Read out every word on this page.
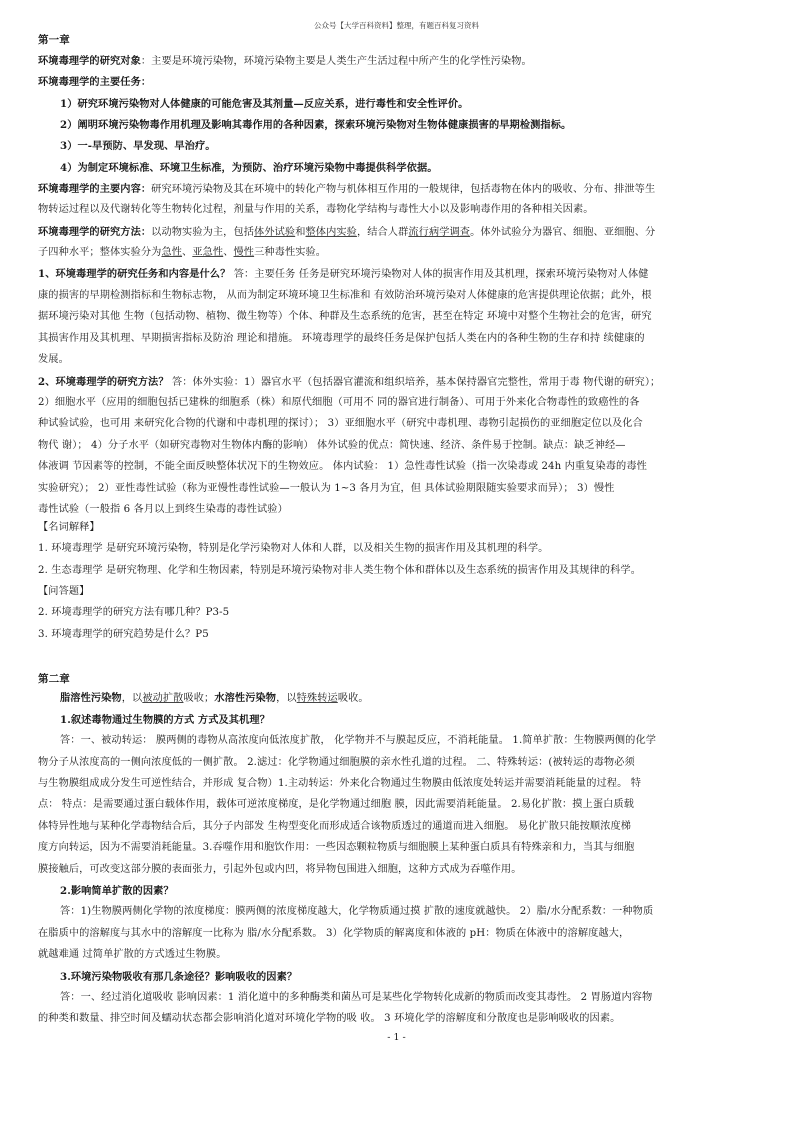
公众号【大学百科资料】整理，有题百科复习资料
第一章
环境毒理学的研究对象：主要是环境污染物，环境污染物主要是人类生产生活过程中所产生的化学性污染物。
环境毒理学的主要任务：
1）研究环境污染物对人体健康的可能危害及其剂量—反应关系，进行毒性和安全性评价。
2）阐明环境污染物毒作用机理及影响其毒作用的各种因素，探索环境污染物对生物体健康损害的早期检测指标。
3）一-早预防、早发现、早治疗。
4）为制定环境标准、环境卫生标准，为预防、治疗环境污染物中毒提供科学依据。
环境毒理学的主要内容：研究环境污染物及其在环境中的转化产物与机体相互作用的一般规律，包括毒物在体内的吸收、分布、排泄等生
物转运过程以及代谢转化等生物转化过程，剂量与作用的关系，毒物化学结构与毒性大小以及影响毒作用的各种相关因素。
环境毒理学的研究方法：以动物实验为主，包括体外试验和整体内实验，结合人群流行病学调查。体外试验分为器官、细胞、亚细胞、分
子四种水平；整体实验分为急性、亚急性、慢性三种毒性实验。
1、环境毒理学的研究任务和内容是什么？ 答：主要任务 任务是研究环境污染物对人体的损害作用及其机理，探索环境污染物对人体健
康的损害的早期检测指标和生物标志物， 从而为制定环境环境卫生标准和 有效防治环境污染对人体健康的危害提供理论依据；此外，根
据环境污染对其他 生物（包括动物、植物、微生物等）个体、种群及生态系统的危害，甚至在特定 环境中对整个生物社会的危害，研究
其损害作用及其机理、早期损害指标及防治 理论和措施。 环境毒理学的最终任务是保护包括人类在内的各种生物的生存和持 续健康的
发展。
2、环境毒理学的研究方法？ 答：体外实验：1）器官水平（包括器官灌流和组织培养，基本保持器官完整性，常用于毒 物代谢的研究）；
2）细胞水平（应用的细胞包括已建株的细胞系（株）和原代细胞（可用不 同的器官进行制备）、可用于外来化合物毒性的致癌性的各
种试验试验，也可用 来研究化合物的代谢和中毒机理的探讨）； 3）亚细胞水平（研究中毒机理、毒物引起损伤的亚细胞定位以及化合
物代 谢）； 4）分子水平（如研究毒物对生物体内酶的影响） 体外试验的优点：简快速、经济、条件易于控制。缺点：缺乏神经—
体液调 节因素等的控制，不能全面反映整体状况下的生物效应。 体内试验： 1）急性毒性试验（指一次染毒或 24h 内重复染毒的毒性
实验研究）； 2）亚性毒性试验（称为亚慢性毒性试验—一般认为 1~3 各月为宜，但 具体试验期限随实验要求而异）； 3）慢性
毒性试验（一般指 6 各月以上到终生染毒的毒性试验）
【名词解释】
1. 环境毒理学 是研究环境污染物，特别是化学污染物对人体和人群，以及相关生物的损害作用及其机理的科学。
2. 生态毒理学 是研究物理、化学和生物因素，特别是环境污染物对非人类生物个体和群体以及生态系统的损害作用及其规律的科学。
【问答题】
2. 环境毒理学的研究方法有哪几种？P3-5
3. 环境毒理学的研究趋势是什么？P5
第二章
脂溶性污染物，以被动扩散吸收；水溶性污染物，以特殊转运吸收。
1.叙述毒物通过生物膜的方式 方式及其机理？
答：一、被动转运： 膜两侧的毒物从高浓度向低浓度扩散， 化学物并不与膜起反应，不消耗能量。 1.简单扩散：生物膜两侧的化学
物分子从浓度高的一侧向浓度低的一侧扩散。 2.滤过：化学物通过细胞膜的亲水性孔道的过程。 二、特殊转运：(被转运的毒物必须
与生物膜组成成分发生可逆性结合，并形成 复合物）1.主动转运：外来化合物通过生物膜由低浓度处转运并需要消耗能量的过程。 特
点： 特点：是需要通过蛋白载体作用，载体可逆浓度梯度，是化学物通过细胞 膜，因此需要消耗能量。 2.易化扩散：摸上蛋白质载
体特异性地与某种化学毒物结合后，其分子内部发 生构型变化而形成适合该物质透过的通道而进入细胞。 易化扩散只能按顺浓度梯
度方向转运，因为不需要消耗能量。3.吞噬作用和胞饮作用：一些因态颗粒物质与细胞膜上某种蛋白质具有特殊亲和力，当其与细胞
膜接触后，可改变这部分膜的表面张力，引起外包或内凹，将异物包围进入细胞，这种方式成为吞噬作用。
2.影响简单扩散的因素？
答：1)生物膜两侧化学物的浓度梯度：膜两侧的浓度梯度越大，化学物质通过摸 扩散的速度就越快。 2）脂/水分配系数：一种物质
在脂质中的溶解度与其水中的溶解度一比称为 脂/水分配系数。 3）化学物质的解离度和体液的 pH：物质在体液中的溶解度越大，
就越难通 过简单扩散的方式透过生物膜。
3.环境污染物吸收有那几条途径？影响吸收的因素？
答：一、经过消化道吸收 影响因素：1 消化道中的多种酶类和菌丛可是某些化学物转化成新的物质而改变其毒性。 2 胃肠道内容物
的种类和数量、排空时间及蠕动状态都会影响消化道对环境化学物的吸 收。 3 环境化学的溶解度和分散度也是影响吸收的因素。
- 1 -
